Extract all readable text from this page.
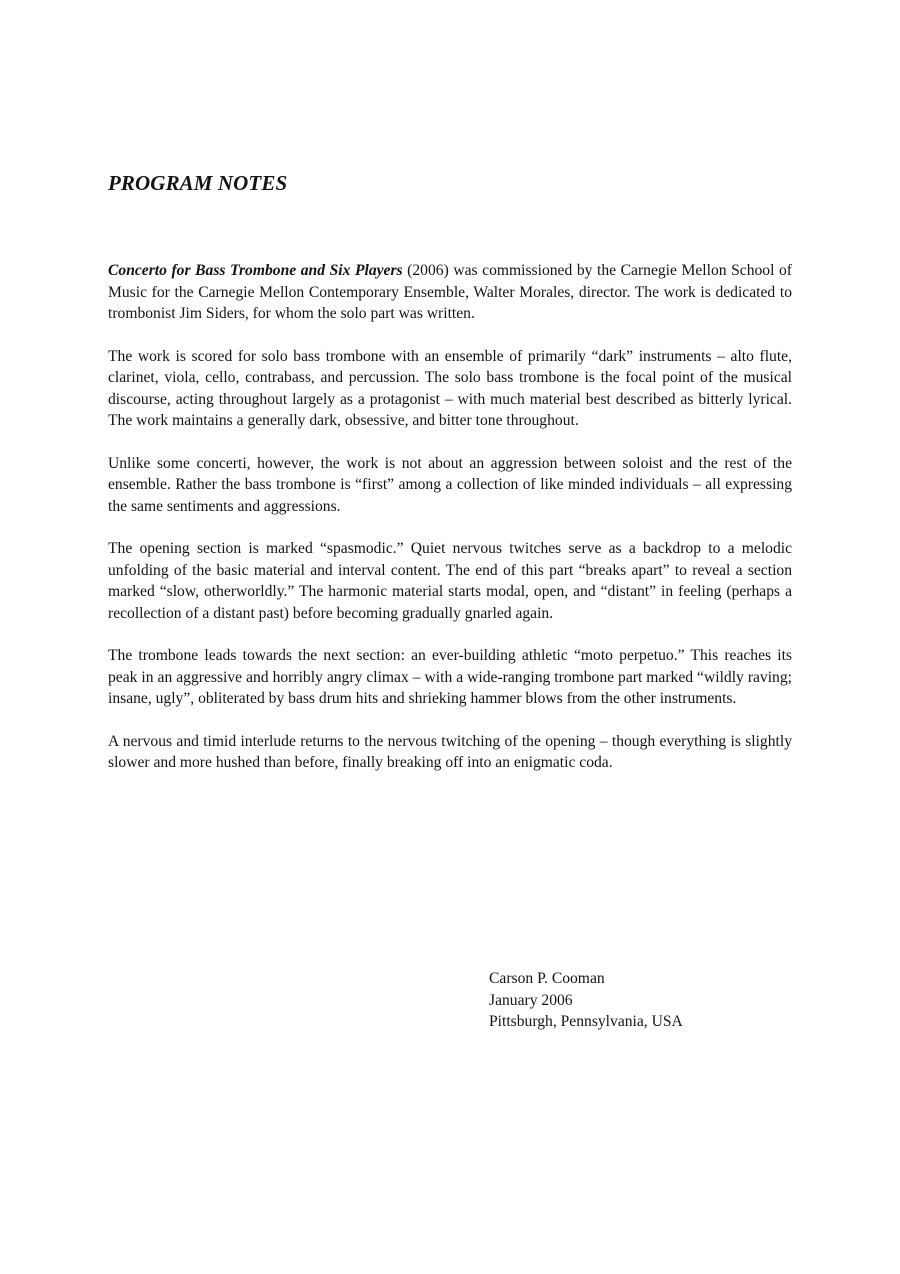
PROGRAM NOTES

Concerto for Bass Trombone and Six Players (2006) was commissioned by the Carnegie Mellon School of Music for the Carnegie Mellon Contemporary Ensemble, Walter Morales, director. The work is dedicated to trombonist Jim Siders, for whom the solo part was written.

The work is scored for solo bass trombone with an ensemble of primarily “dark” instruments – alto flute, clarinet, viola, cello, contrabass, and percussion. The solo bass trombone is the focal point of the musical discourse, acting throughout largely as a protagonist – with much material best described as bitterly lyrical. The work maintains a generally dark, obsessive, and bitter tone throughout.

Unlike some concerti, however, the work is not about an aggression between soloist and the rest of the ensemble. Rather the bass trombone is “first” among a collection of like minded individuals – all expressing the same sentiments and aggressions.

The opening section is marked “spasmodic.” Quiet nervous twitches serve as a backdrop to a melodic unfolding of the basic material and interval content. The end of this part “breaks apart” to reveal a section marked “slow, otherworldly.” The harmonic material starts modal, open, and “distant” in feeling (perhaps a recollection of a distant past) before becoming gradually gnarled again.

The trombone leads towards the next section: an ever-building athletic “moto perpetuo.” This reaches its peak in an aggressive and horribly angry climax – with a wide-ranging trombone part marked “wildly raving; insane, ugly”, obliterated by bass drum hits and shrieking hammer blows from the other instruments.

A nervous and timid interlude returns to the nervous twitching of the opening – though everything is slightly slower and more hushed than before, finally breaking off into an enigmatic coda.

Carson P. Cooman
January 2006
Pittsburgh, Pennsylvania, USA
